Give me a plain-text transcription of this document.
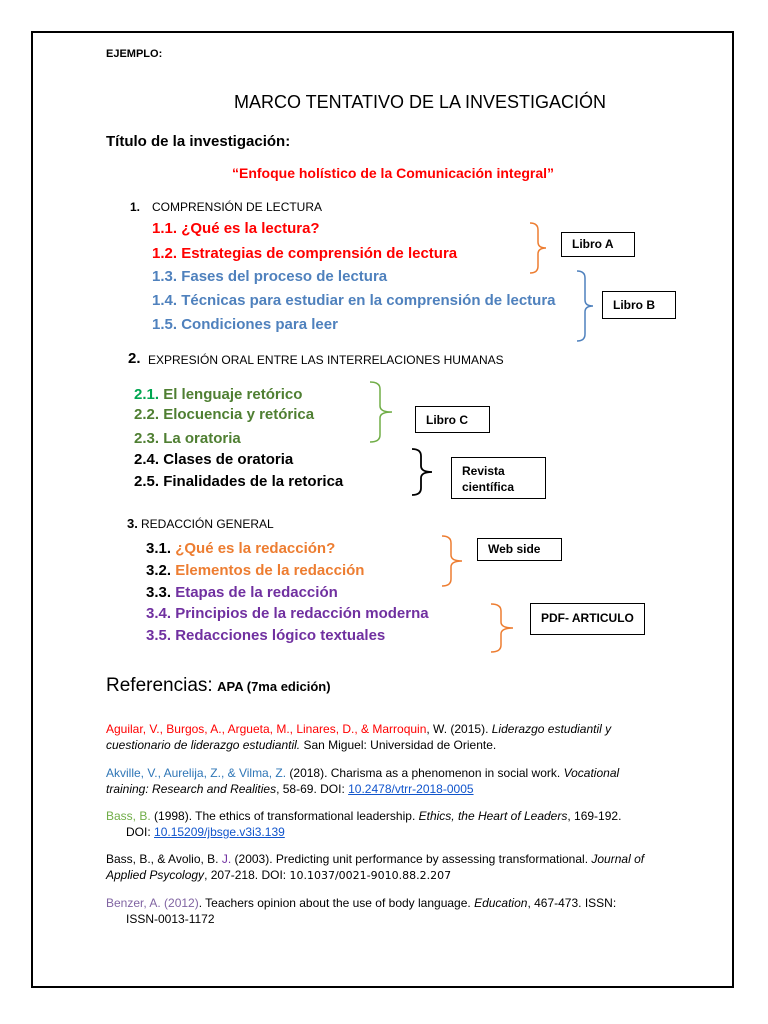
EJEMPLO:
MARCO TENTATIVO DE LA INVESTIGACIÓN
Título de la investigación:
“Enfoque holístico de la Comunicación integral”
1. COMPRENSIÓN DE LECTURA
1.1. ¿Qué es la lectura?
1.2. Estrategias de comprensión de lectura
1.3. Fases del proceso de lectura
1.4. Técnicas para estudiar en la comprensión de lectura
1.5. Condiciones para leer
Libro A
Libro B
2. EXPRESIÓN ORAL ENTRE LAS INTERRELACIONES HUMANAS
2.1. El lenguaje retórico
2.2. Elocuencia y retórica
2.3. La oratoria
2.4. Clases de oratoria
2.5. Finalidades de la retorica
Libro C
Revista
científica
3. REDACCIÓN GENERAL
3.1. ¿Qué es la redacción?
3.2. Elementos de la redacción
3.3. Etapas de la redacción
3.4. Principios de la redacción moderna
3.5. Redacciones lógico textuales
Web side
PDF- ARTICULO
Referencias: APA (7ma edición)
Aguilar, V., Burgos, A., Argueta, M., Linares, D., & Marroquin, W. (2015). Liderazgo estudiantil y cuestionario de liderazgo estudiantil. San Miguel: Universidad de Oriente.
Akville, V., Aurelija, Z., & Vilma, Z. (2018). Charisma as a phenomenon in social work. Vocational training: Research and Realities, 58-69. DOI: 10.2478/vtrr-2018-0005
Bass, B. (1998). The ethics of transformational leadership. Ethics, the Heart of Leaders, 169-192.
DOI: 10.15209/jbsge.v3i3.139
Bass, B., & Avolio, B. J. (2003). Predicting unit performance by assessing transformational. Journal of Applied Psycology, 207-218. DOI: 10.1037/0021-9010.88.2.207
Benzer, A. (2012). Teachers opinion about the use of body language. Education, 467-473. ISSN:
ISSN-0013-1172
